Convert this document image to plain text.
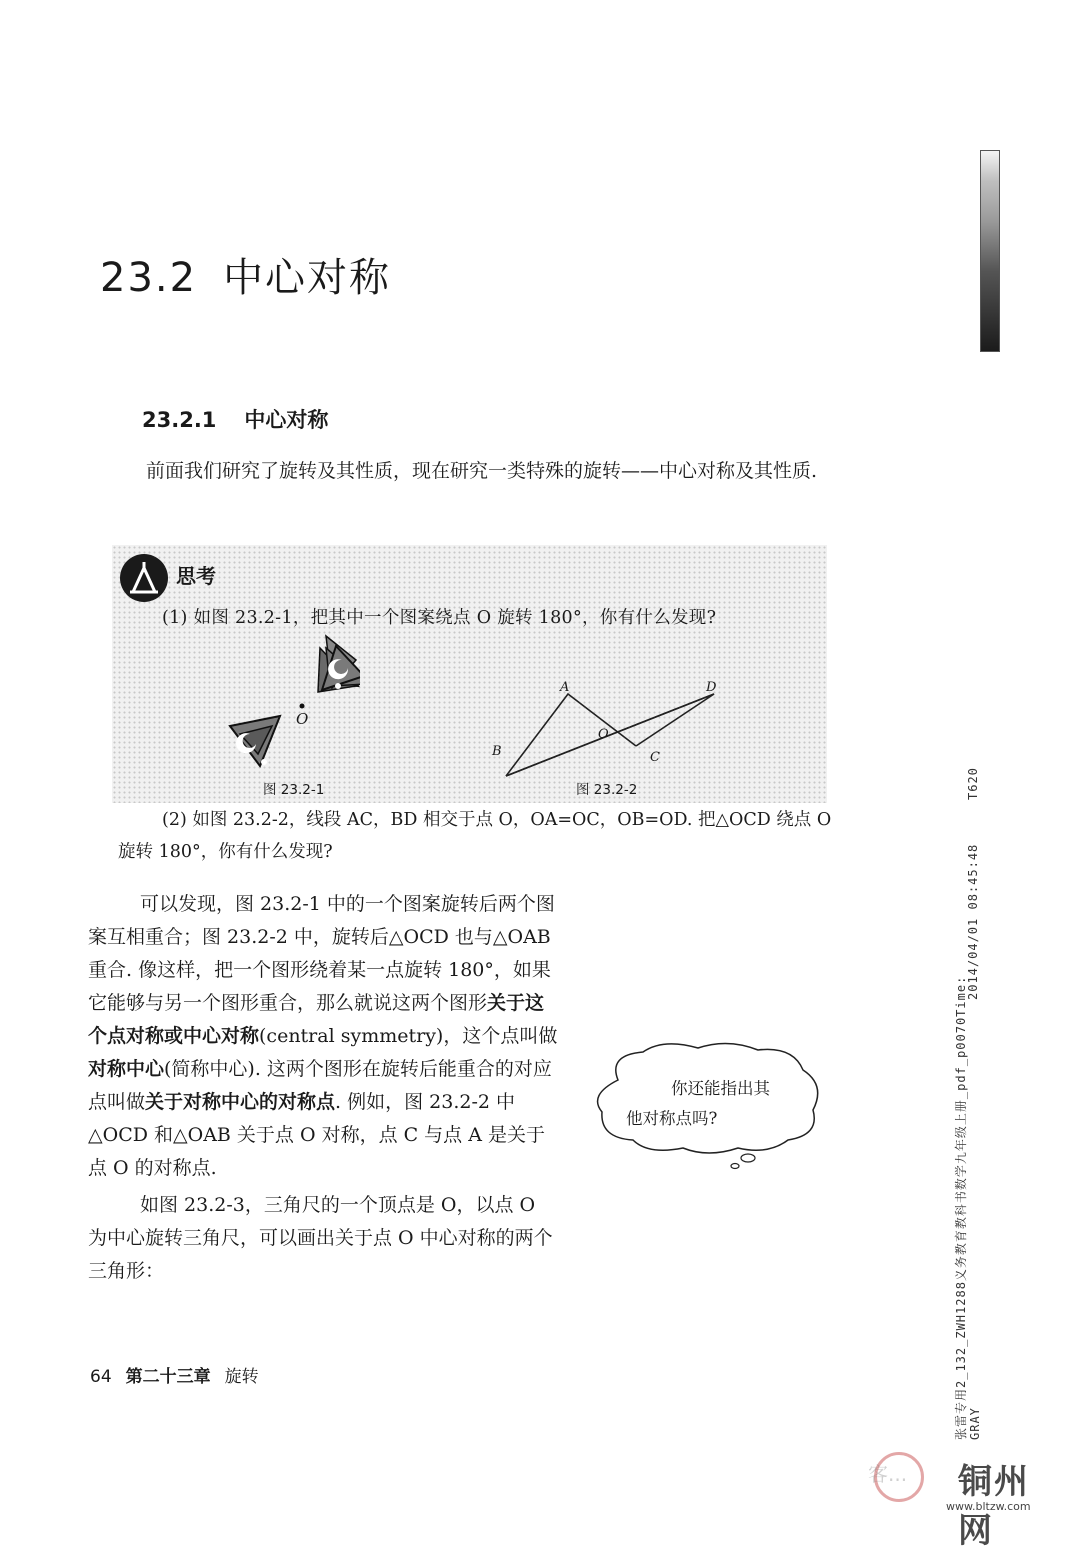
23.2 中心对称
23.2.1 中心对称
前面我们研究了旋转及其性质，现在研究一类特殊的旋转——中心对称及其性质.
思考
(1) 如图 23.2-1，把其中一个图案绕点 O 旋转 180°，你有什么发现?
O
图 23.2-1
A	D
O
B	C
图 23.2-2
(2) 如图 23.2-2，线段 AC，BD 相交于点 O，OA=OC，OB=OD. 把△OCD 绕点 O 旋转 180°，你有什么发现?

可以发现，图 23.2-1 中的一个图案旋转后两个图案互相重合；图 23.2-2 中，旋转后△OCD 也与△OAB 重合. 像这样，把一个图形绕着某一点旋转 180°，如果它能够与另一个图形重合，那么就说这两个图形关于这个点对称或中心对称(central symmetry)，这个点叫做对称中心(简称中心). 这两个图形在旋转后能重合的对应点叫做关于对称中心的对称点. 例如，图 23.2-2 中△OCD 和△OAB 关于点 O 对称，点 C 与点 A 是关于点 O 的对称点.

如图 23.2-3，三角尺的一个顶点是 O，以点 O 为中心旋转三角尺，可以画出关于点 O 中心对称的两个三角形：

你还能指出其
他对称点吗?
64 第二十三章 旋转
T620
2014/04/01 08:45:48
张雷专用2_132_ZWH1288义务教育教科书数学九年级上册_pdf_p0070Time: GRAY
客... 铜州网
www.bltzw.com
